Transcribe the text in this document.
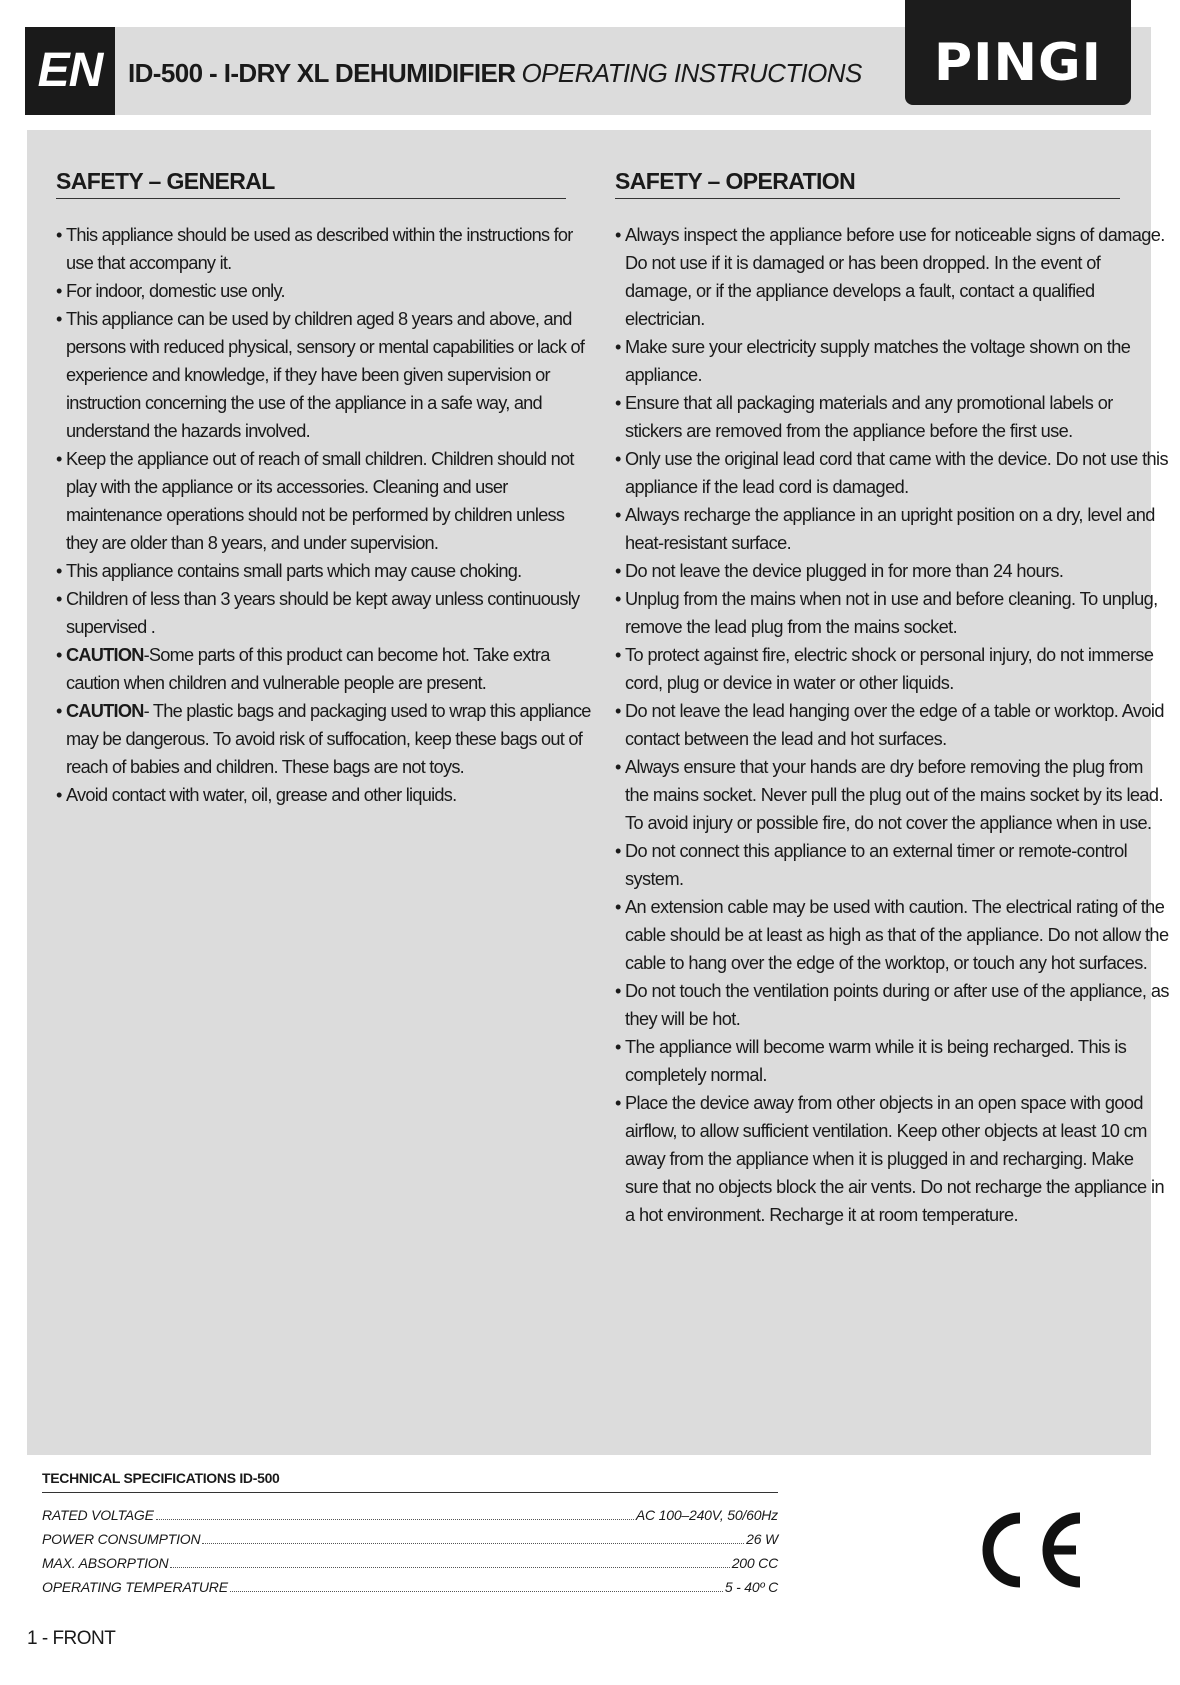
EN ID-500 - I-DRY XL DEHUMIDIFIER OPERATING INSTRUCTIONS	PINGI
SAFETY – GENERAL
• This appliance should be used as described within the instructions for use that accompany it.
• For indoor, domestic use only.
• This appliance can be used by children aged 8 years and above, and persons with reduced physical, sensory or mental capabilities or lack of experience and knowledge, if they have been given supervision or instruction concerning the use of the appliance in a safe way, and understand the hazards involved.
• Keep the appliance out of reach of small children. Children should not play with the appliance or its accessories. Cleaning and user maintenance operations should not be performed by children unless they are older than 8 years, and under supervision.
• This appliance contains small parts which may cause choking.
• Children of less than 3 years should be kept away unless continuously supervised .
• CAUTION-Some parts of this product can become hot. Take extra caution when children and vulnerable people are present.
• CAUTION- The plastic bags and packaging used to wrap this appliance may be dangerous. To avoid risk of suffocation, keep these bags out of reach of babies and children. These bags are not toys.
• Avoid contact with water, oil, grease and other liquids.
SAFETY – OPERATION
• Always inspect the appliance before use for noticeable signs of damage. Do not use if it is damaged or has been dropped. In the event of damage, or if the appliance develops a fault, contact a qualified electrician.
• Make sure your electricity supply matches the voltage shown on the appliance.
• Ensure that all packaging materials and any promotional labels or stickers are removed from the appliance before the first use.
• Only use the original lead cord that came with the device. Do not use this appliance if the lead cord is damaged.
• Always recharge the appliance in an upright position on a dry, level and heat-resistant surface.
• Do not leave the device plugged in for more than 24 hours.
• Unplug from the mains when not in use and before cleaning. To unplug, remove the lead plug from the mains socket.
• To protect against fire, electric shock or personal injury, do not immerse cord, plug or device in water or other liquids.
• Do not leave the lead hanging over the edge of a table or worktop. Avoid contact between the lead and hot surfaces.
• Always ensure that your hands are dry before removing the plug from the mains socket. Never pull the plug out of the mains socket by its lead. To avoid injury or possible fire, do not cover the appliance when in use.
• Do not connect this appliance to an external timer or remote-control system.
• An extension cable may be used with caution. The electrical rating of the cable should be at least as high as that of the appliance. Do not allow the cable to hang over the edge of the worktop, or touch any hot surfaces.
• Do not touch the ventilation points during or after use of the appliance, as they will be hot.
• The appliance will become warm while it is being recharged. This is completely normal.
• Place the device away from other objects in an open space with good airflow, to allow sufficient ventilation. Keep other objects at least 10 cm away from the appliance when it is plugged in and recharging. Make sure that no objects block the air vents. Do not recharge the appliance in a hot environment. Recharge it at room temperature.
TECHNICAL SPECIFICATIONS ID-500
RATED VOLTAGE	AC 100–240V, 50/60Hz
POWER CONSUMPTION	26 W
MAX. ABSORPTION	200 CC
OPERATING TEMPERATURE	5 - 40º C
1 - FRONT
